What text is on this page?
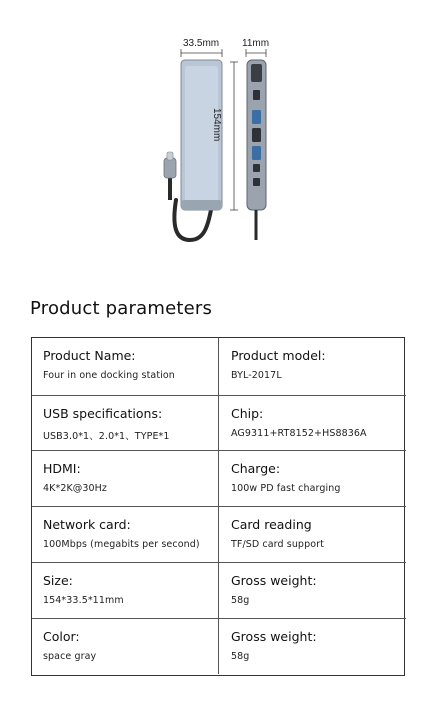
33.5mm 11mm
154mm
Product parameters
Product Name:
Four in one docking station
Product model:
BYL-2017L
USB specifications:
USB3.0*1、2.0*1、TYPE*1
Chip:
AG9311+RT8152+HS8836A
HDMI:
4K*2K@30Hz
Charge:
100w PD fast charging
Network card:
100Mbps (megabits per second)
Card reading
TF/SD card support
Size:
154*33.5*11mm
Gross weight:
58g
Color:
space gray
Gross weight:
58g
